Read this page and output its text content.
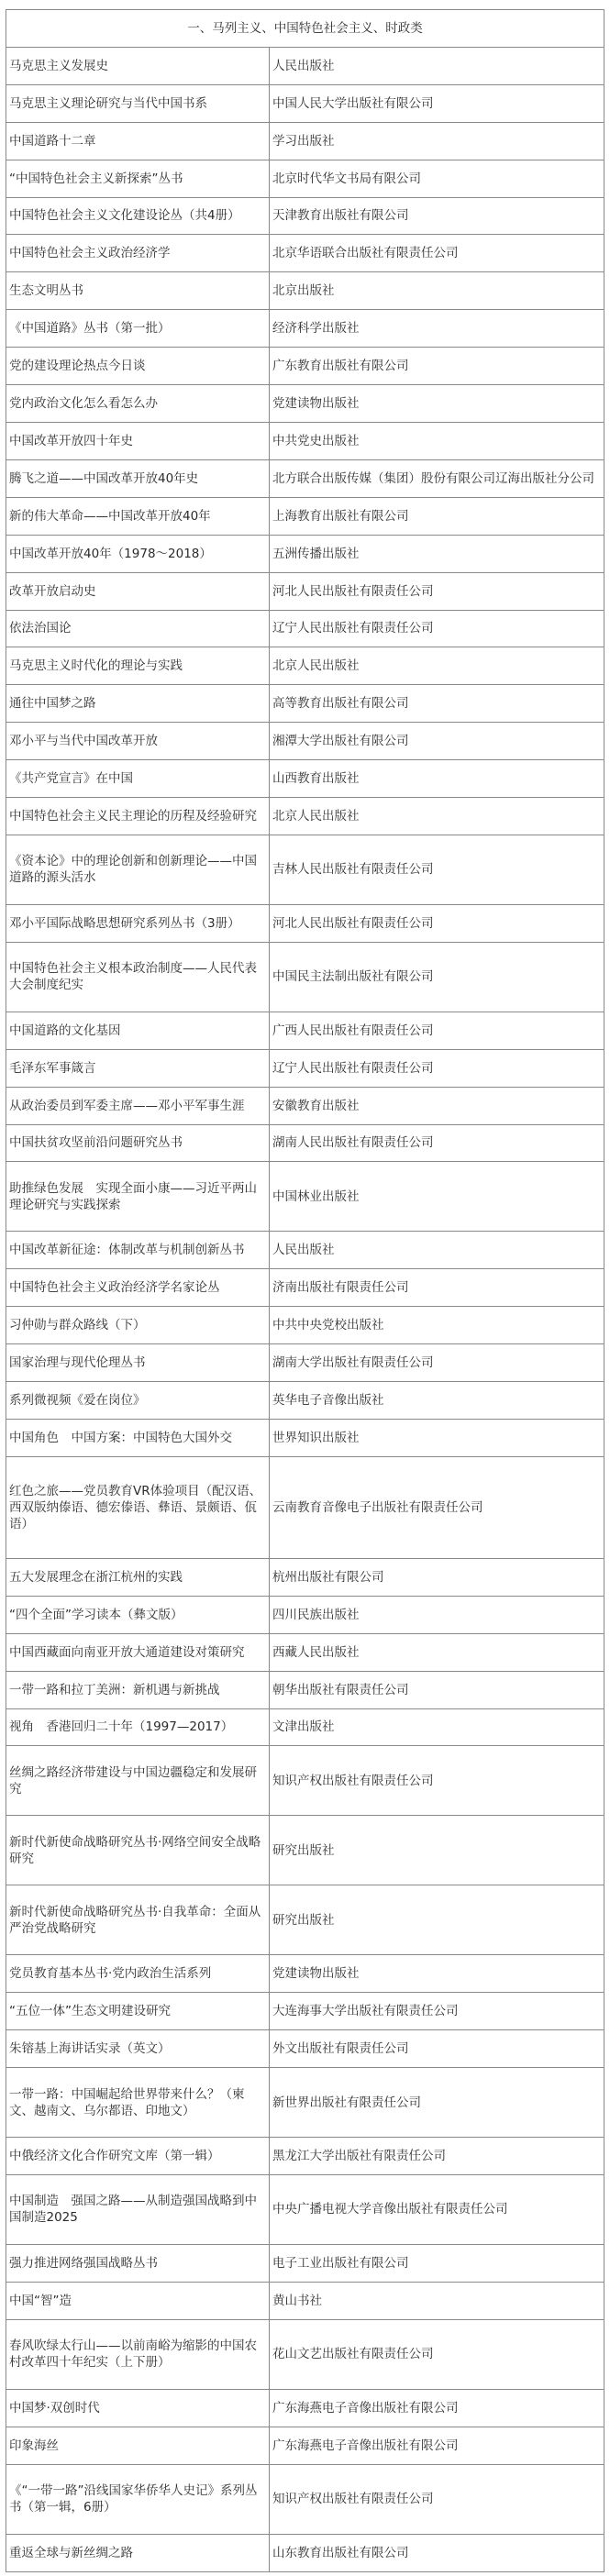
一、马列主义、中国特色社会主义、时政类	
马克思主义发展史	人民出版社
马克思主义理论研究与当代中国书系	中国人民大学出版社有限公司
中国道路十二章	学习出版社
“中国特色社会主义新探索”丛书	北京时代华文书局有限公司
中国特色社会主义文化建设论丛（共4册）	天津教育出版社有限公司
中国特色社会主义政治经济学	北京华语联合出版社有限责任公司
生态文明丛书	北京出版社
《中国道路》丛书（第一批）	经济科学出版社
党的建设理论热点今日谈	广东教育出版社有限公司
党内政治文化怎么看怎么办	党建读物出版社
中国改革开放四十年史	中共党史出版社
腾飞之道——中国改革开放40年史	北方联合出版传媒（集团）股份有限公司辽海出版社分公司
新的伟大革命——中国改革开放40年	上海教育出版社有限公司
中国改革开放40年（1978～2018）	五洲传播出版社
改革开放启动史	河北人民出版社有限责任公司
依法治国论	辽宁人民出版社有限责任公司
马克思主义时代化的理论与实践	北京人民出版社
通往中国梦之路	高等教育出版社有限公司
邓小平与当代中国改革开放	湘潭大学出版社有限公司
《共产党宣言》在中国	山西教育出版社
中国特色社会主义民主理论的历程及经验研究	北京人民出版社
《资本论》中的理论创新和创新理论——中国道路的源头活水	吉林人民出版社有限责任公司
邓小平国际战略思想研究系列丛书（3册）	河北人民出版社有限责任公司
中国特色社会主义根本政治制度——人民代表大会制度纪实	中国民主法制出版社有限公司
中国道路的文化基因	广西人民出版社有限责任公司
毛泽东军事箴言	辽宁人民出版社有限责任公司
从政治委员到军委主席——邓小平军事生涯	安徽教育出版社
中国扶贫攻坚前沿问题研究丛书	湖南人民出版社有限责任公司
助推绿色发展　实现全面小康——习近平两山理论研究与实践探索	中国林业出版社
中国改革新征途：体制改革与机制创新丛书	人民出版社
中国特色社会主义政治经济学名家论丛	济南出版社有限责任公司
习仲勋与群众路线（下）	中共中央党校出版社
国家治理与现代伦理丛书	湖南大学出版社有限责任公司
系列微视频《爱在岗位》	英华电子音像出版社
中国角色　中国方案：中国特色大国外交	世界知识出版社
红色之旅——党员教育VR体验项目（配汉语、西双版纳傣语、德宏傣语、彝语、景颇语、佤语）	云南教育音像电子出版社有限责任公司
五大发展理念在浙江杭州的实践	杭州出版社有限公司
“四个全面”学习读本（彝文版）	四川民族出版社
中国西藏面向南亚开放大通道建设对策研究	西藏人民出版社
一带一路和拉丁美洲：新机遇与新挑战	朝华出版社有限责任公司
视角　香港回归二十年（1997—2017）	文津出版社
丝绸之路经济带建设与中国边疆稳定和发展研究	知识产权出版社有限责任公司
新时代新使命战略研究丛书·网络空间安全战略研究	研究出版社
新时代新使命战略研究丛书·自我革命：全面从严治党战略研究	研究出版社
党员教育基本丛书·党内政治生活系列	党建读物出版社
“五位一体”生态文明建设研究	大连海事大学出版社有限责任公司
朱镕基上海讲话实录（英文）	外文出版社有限责任公司
一带一路：中国崛起给世界带来什么？（柬文、越南文、乌尔都语、印地文）	新世界出版社有限责任公司
中俄经济文化合作研究文库（第一辑）	黑龙江大学出版社有限责任公司
中国制造　强国之路——从制造强国战略到中国制造2025	中央广播电视大学音像出版社有限责任公司
强力推进网络强国战略丛书	电子工业出版社有限公司
中国“智”造	黄山书社
春风吹绿太行山——以前南峪为缩影的中国农村改革四十年纪实（上下册）	花山文艺出版社有限责任公司
中国梦·双创时代	广东海燕电子音像出版社有限公司
印象海丝	广东海燕电子音像出版社有限公司
《“一带一路”沿线国家华侨华人史记》系列丛书（第一辑，6册）	知识产权出版社有限责任公司
重返全球与新丝绸之路	山东教育出版社有限公司
